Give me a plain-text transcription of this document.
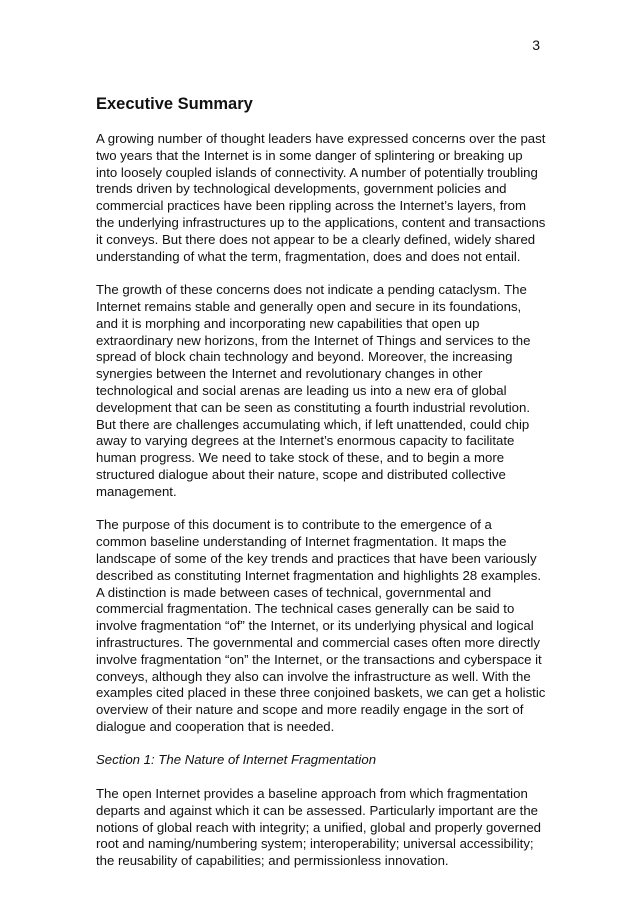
3
Executive Summary

A growing number of thought leaders have expressed concerns over the past two years that the Internet is in some danger of splintering or breaking up into loosely coupled islands of connectivity. A number of potentially troubling trends driven by technological developments, government policies and commercial practices have been rippling across the Internet’s layers, from the underlying infrastructures up to the applications, content and transactions it conveys. But there does not appear to be a clearly defined, widely shared understanding of what the term, fragmentation, does and does not entail.

The growth of these concerns does not indicate a pending cataclysm. The Internet remains stable and generally open and secure in its foundations, and it is morphing and incorporating new capabilities that open up extraordinary new horizons, from the Internet of Things and services to the spread of block chain technology and beyond. Moreover, the increasing synergies between the Internet and revolutionary changes in other technological and social arenas are leading us into a new era of global development that can be seen as constituting a fourth industrial revolution. But there are challenges accumulating which, if left unattended, could chip away to varying degrees at the Internet’s enormous capacity to facilitate human progress. We need to take stock of these, and to begin a more structured dialogue about their nature, scope and distributed collective management.

The purpose of this document is to contribute to the emergence of a common baseline understanding of Internet fragmentation. It maps the landscape of some of the key trends and practices that have been variously described as constituting Internet fragmentation and highlights 28 examples. A distinction is made between cases of technical, governmental and commercial fragmentation. The technical cases generally can be said to involve fragmentation “of” the Internet, or its underlying physical and logical infrastructures. The governmental and commercial cases often more directly involve fragmentation “on” the Internet, or the transactions and cyberspace it conveys, although they also can involve the infrastructure as well. With the examples cited placed in these three conjoined baskets, we can get a holistic overview of their nature and scope and more readily engage in the sort of dialogue and cooperation that is needed.

Section 1: The Nature of Internet Fragmentation

The open Internet provides a baseline approach from which fragmentation departs and against which it can be assessed. Particularly important are the notions of global reach with integrity; a unified, global and properly governed root and naming/numbering system; interoperability; universal accessibility; the reusability of capabilities; and permissionless innovation.
